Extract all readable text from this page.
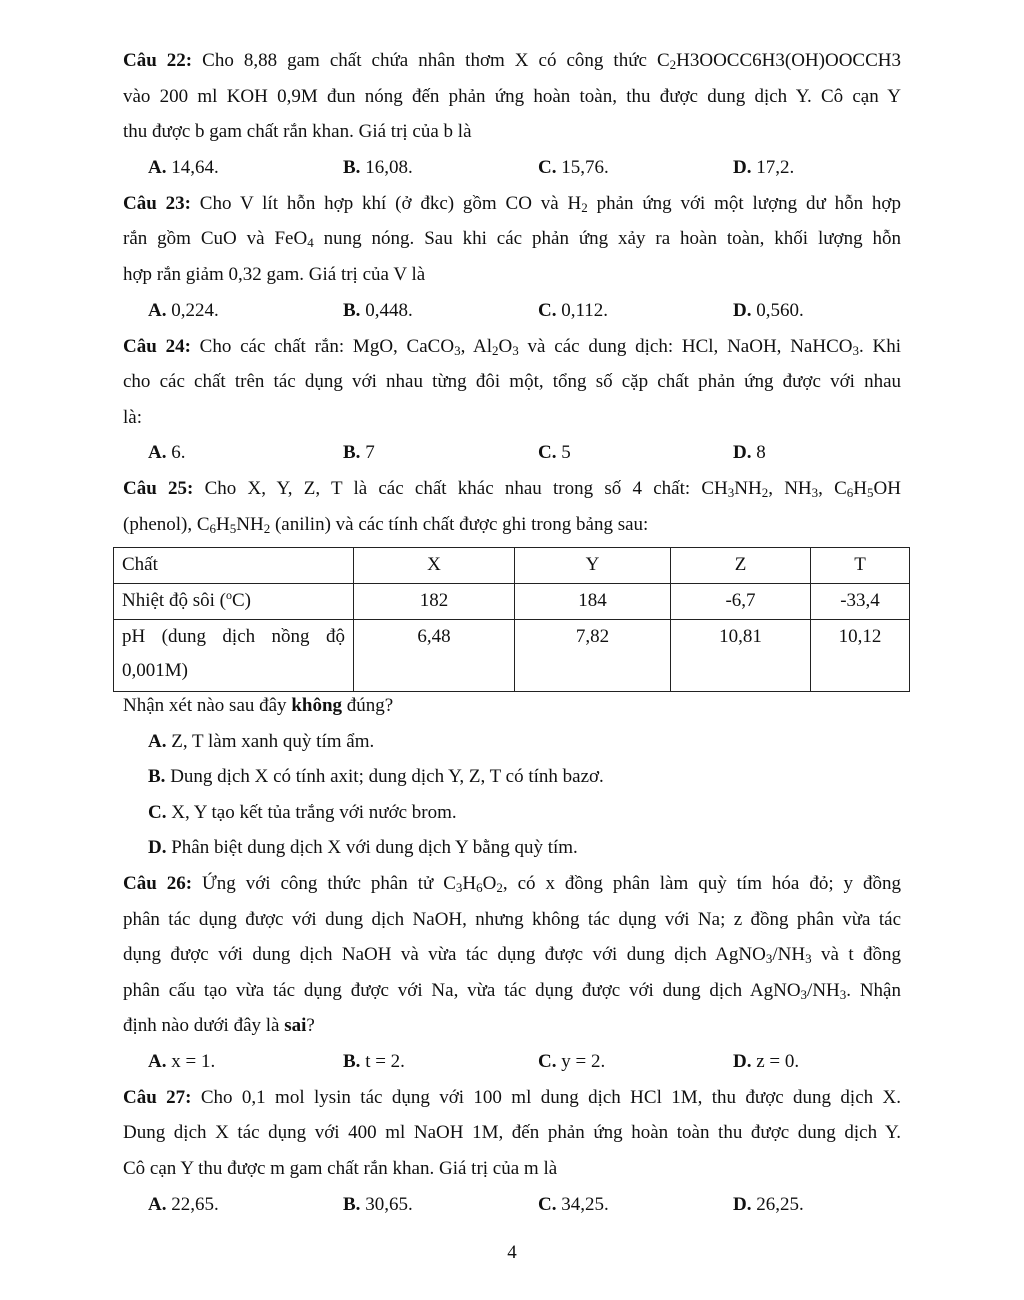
Câu 22: Cho 8,88 gam chất chứa nhân thơm X có công thức $C_2H3OOCC6H3(OH)OOCCH3$
vào 200 ml KOH 0,9M đun nóng đến phản ứng hoàn toàn, thu được dung dịch Y. Cô cạn Y
thu được b gam chất rắn khan. Giá trị của b là
A. 14,64.	B. 16,08.	C. 15,76.	D. 17,2.
Câu 23: Cho V lít hỗn hợp khí (ở đkc) gồm CO và $H_2$ phản ứng với một lượng dư hỗn hợp
rắn gồm CuO và FeO$_4$ nung nóng. Sau khi các phản ứng xảy ra hoàn toàn, khối lượng hỗn
hợp rắn giảm 0,32 gam. Giá trị của V là
A. 0,224.	B. 0,448.	C. 0,112.	D. 0,560.
Câu 24: Cho các chất rắn: MgO, CaCO$_3$, $Al_2O_3$ và các dung dịch: HCl, NaOH, NaHCO$_3$. Khi
cho các chất trên tác dụng với nhau từng đôi một, tổng số cặp chất phản ứng được với nhau
là:
A. 6.	B. 7	C. 5	D. 8
Câu 25: Cho X, Y, Z, T là các chất khác nhau trong số 4 chất: $CH_3NH_2$, $NH_3$, $C_6H_5OH$
(phenol), $C_6H_5NH_2$ (anilin) và các tính chất được ghi trong bảng sau:
Chất	X	Y	Z	T
Nhiệt độ sôi ($^o$C)	182	184	-6,7	-33,4

pH (dung dịch nồng độ
0,001M)	6,48	7,82	10,81	10,12
Nhận xét nào sau đây không đúng?
A. Z, T làm xanh quỳ tím ẩm.
B. Dung dịch X có tính axit; dung dịch Y, Z, T có tính bazơ.
C. X, Y tạo kết tủa trắng với nước brom.
D. Phân biệt dung dịch X với dung dịch Y bằng quỳ tím.
Câu 26: Ứng với công thức phân tử $C_3H_6O_2$, có x đồng phân làm quỳ tím hóa đỏ; y đồng
phân tác dụng được với dung dịch NaOH, nhưng không tác dụng với Na; z đồng phân vừa tác
dụng được với dung dịch NaOH và vừa tác dụng được với dung dịch $AgNO_3/NH_3$ và t đồng
phân cấu tạo vừa tác dụng được với Na, vừa tác dụng được với dung dịch $AgNO_3/NH_3$. Nhận
định nào dưới đây là sai?
A. x = 1.	B. t = 2.	C. y = 2.	D. z = 0.
Câu 27: Cho 0,1 mol lysin tác dụng với 100 ml dung dịch HCl 1M, thu được dung dịch X.
Dung dịch X tác dụng với 400 ml NaOH 1M, đến phản ứng hoàn toàn thu được dung dịch Y.
Cô cạn Y thu được m gam chất rắn khan. Giá trị của m là
A. 22,65.	B. 30,65.	C. 34,25.	D. 26,25.
4
